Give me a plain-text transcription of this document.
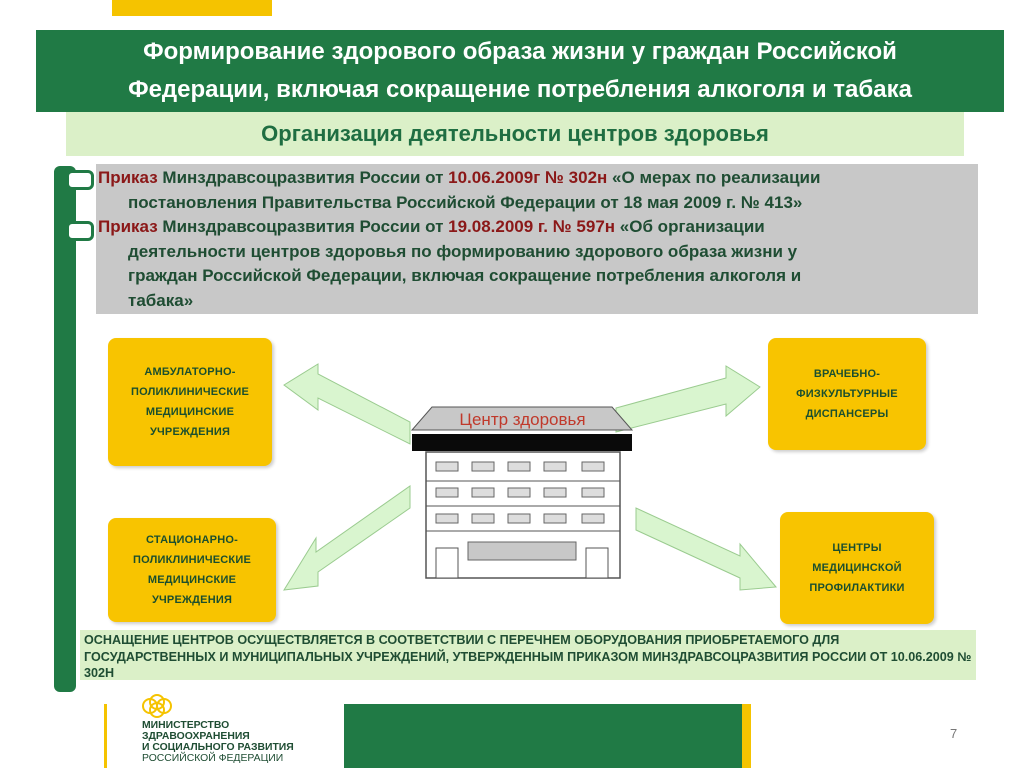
Формирование здорового образа жизни у граждан Российской Федерации, включая сокращение потребления алкоголя и табака
Организация деятельности центров здоровья
Приказ Минздравсоцразвития России от 10.06.2009г № 302н «О мерах по реализации
постановления Правительства Российской Федерации от 18 мая 2009 г. № 413»
Приказ Минздравсоцразвития России от 19.08.2009 г. № 597н «Об организации
деятельности центров здоровья по формированию здорового образа жизни у
граждан Российской Федерации, включая сокращение потребления алкоголя и
табака»
Центр здоровья
АМБУЛАТОРНО-ПОЛИКЛИНИЧЕСКИЕ МЕДИЦИНСКИЕ УЧРЕЖДЕНИЯ
СТАЦИОНАРНО-ПОЛИКЛИНИЧЕСКИЕ МЕДИЦИНСКИЕ УЧРЕЖДЕНИЯ
ВРАЧЕБНО-ФИЗКУЛЬТУРНЫЕ ДИСПАНСЕРЫ
ЦЕНТРЫ МЕДИЦИНСКОЙ ПРОФИЛАКТИКИ
ОСНАЩЕНИЕ ЦЕНТРОВ ОСУЩЕСТВЛЯЕТСЯ В СООТВЕТСТВИИ С ПЕРЕЧНЕМ ОБОРУДОВАНИЯ ПРИОБРЕТАЕМОГО ДЛЯ ГОСУДАРСТВЕННЫХ И МУНИЦИПАЛЬНЫХ УЧРЕЖДЕНИЙ, УТВЕРЖДЕННЫМ ПРИКАЗОМ МИНЗДРАВСОЦРАЗВИТИЯ РОССИИ ОТ 10.06.2009 № 302Н
МИНИСТЕРСТВО
ЗДРАВООХРАНЕНИЯ
И СОЦИАЛЬНОГО РАЗВИТИЯ
РОССИЙСКОЙ ФЕДЕРАЦИИ
7
